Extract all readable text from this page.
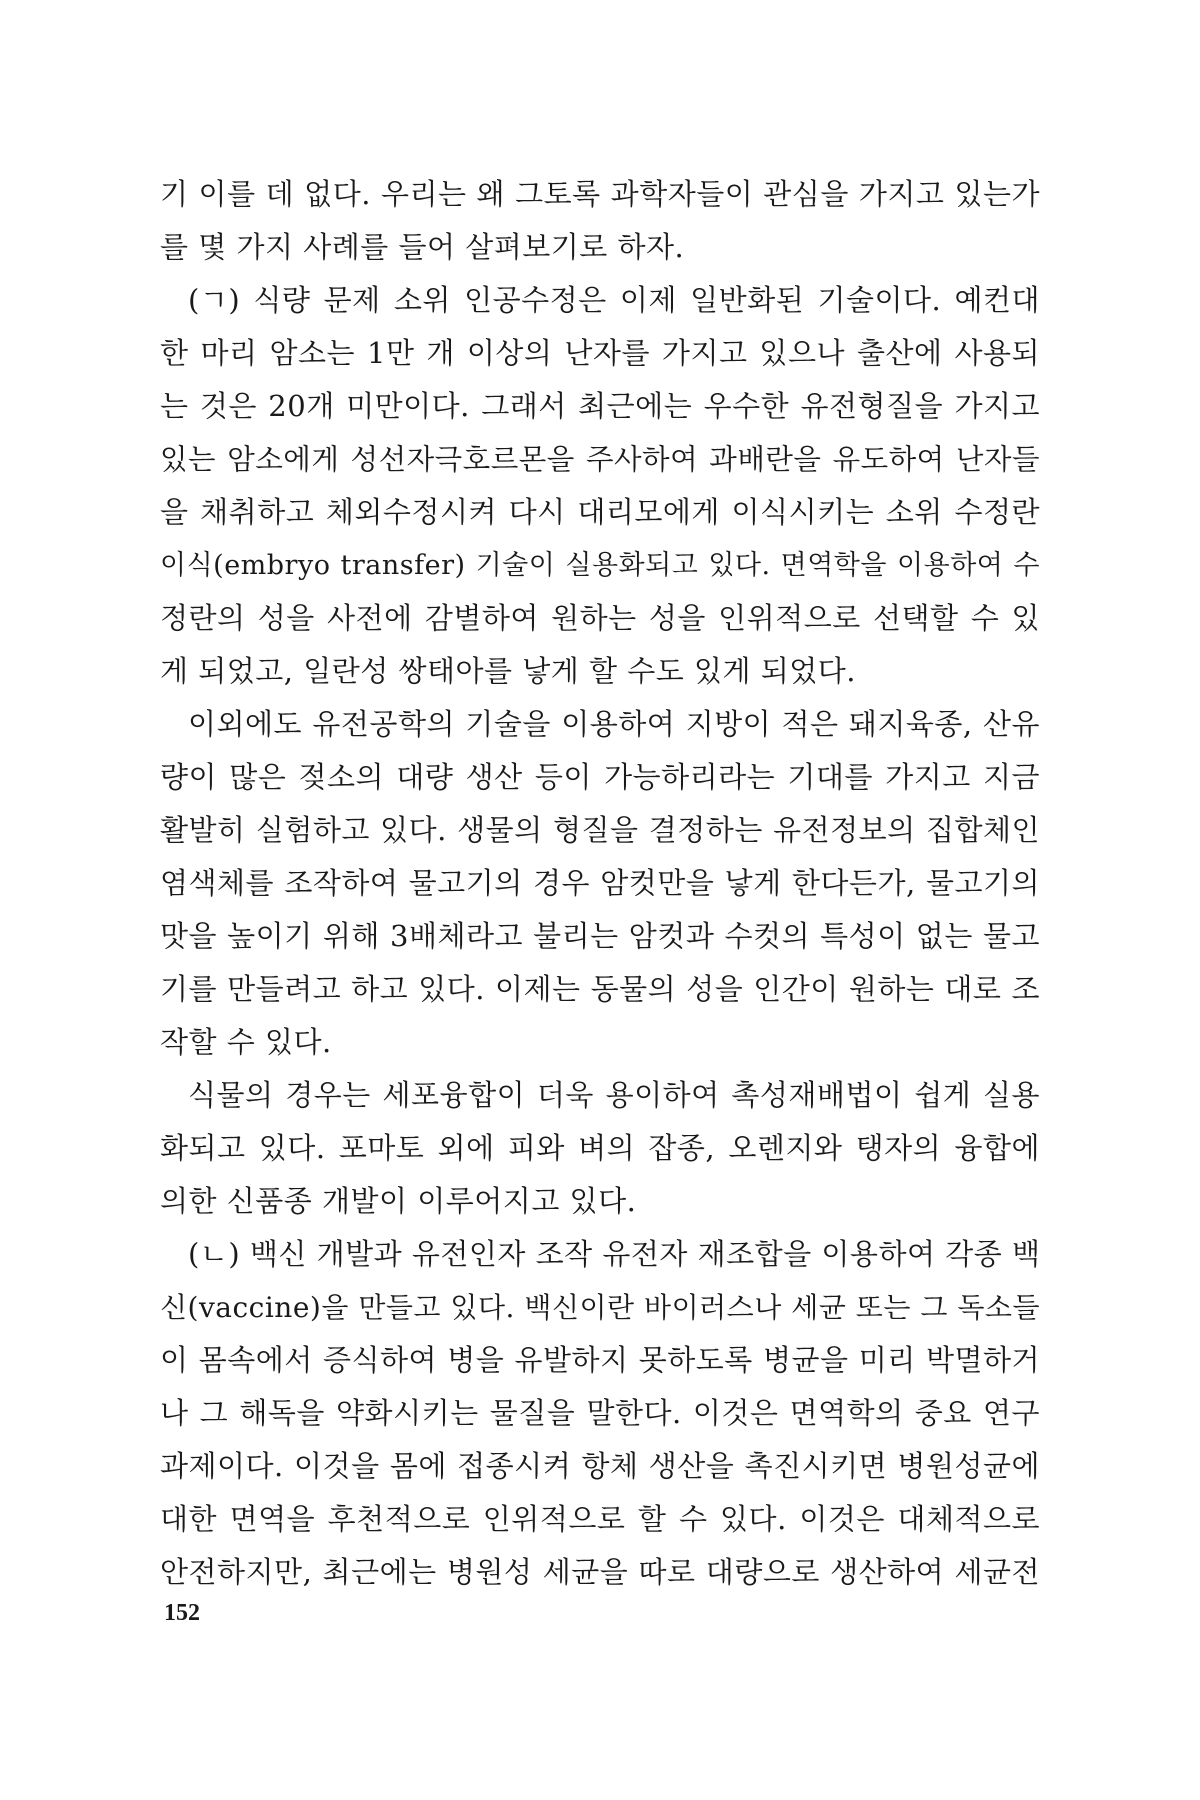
기 이를 데 없다. 우리는 왜 그토록 과학자들이 관심을 가지고 있는가
를 몇 가지 사례를 들어 살펴보기로 하자.
(ㄱ) 식량 문제 소위 인공수정은 이제 일반화된 기술이다. 예컨대
한 마리 암소는 1만 개 이상의 난자를 가지고 있으나 출산에 사용되
는 것은 20개 미만이다. 그래서 최근에는 우수한 유전형질을 가지고
있는 암소에게 성선자극호르몬을 주사하여 과배란을 유도하여 난자들
을 채취하고 체외수정시켜 다시 대리모에게 이식시키는 소위 수정란
이식(embryo transfer) 기술이 실용화되고 있다. 면역학을 이용하여 수
정란의 성을 사전에 감별하여 원하는 성을 인위적으로 선택할 수 있
게 되었고, 일란성 쌍태아를 낳게 할 수도 있게 되었다.
이외에도 유전공학의 기술을 이용하여 지방이 적은 돼지육종, 산유
량이 많은 젖소의 대량 생산 등이 가능하리라는 기대를 가지고 지금
활발히 실험하고 있다. 생물의 형질을 결정하는 유전정보의 집합체인
염색체를 조작하여 물고기의 경우 암컷만을 낳게 한다든가, 물고기의
맛을 높이기 위해 3배체라고 불리는 암컷과 수컷의 특성이 없는 물고
기를 만들려고 하고 있다. 이제는 동물의 성을 인간이 원하는 대로 조
작할 수 있다.
식물의 경우는 세포융합이 더욱 용이하여 촉성재배법이 쉽게 실용
화되고 있다. 포마토 외에 피와 벼의 잡종, 오렌지와 탱자의 융합에
의한 신품종 개발이 이루어지고 있다.
(ㄴ) 백신 개발과 유전인자 조작 유전자 재조합을 이용하여 각종 백
신(vaccine)을 만들고 있다. 백신이란 바이러스나 세균 또는 그 독소들
이 몸속에서 증식하여 병을 유발하지 못하도록 병균을 미리 박멸하거
나 그 해독을 약화시키는 물질을 말한다. 이것은 면역학의 중요 연구
과제이다. 이것을 몸에 접종시켜 항체 생산을 촉진시키면 병원성균에
대한 면역을 후천적으로 인위적으로 할 수 있다. 이것은 대체적으로
안전하지만, 최근에는 병원성 세균을 따로 대량으로 생산하여 세균전
152
